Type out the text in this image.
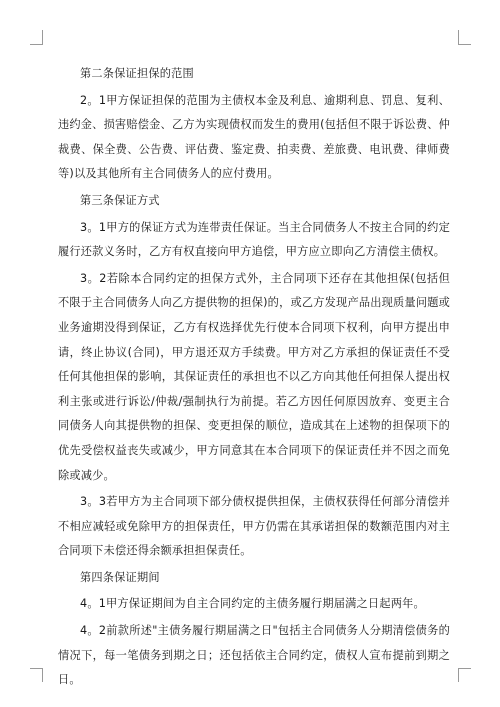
第二条保证担保的范围

2。1甲方保证担保的范围为主债权本金及利息、逾期利息、罚息、复利、违约金、损害赔偿金、乙方为实现债权而发生的费用(包括但不限于诉讼费、仲裁费、保全费、公告费、评估费、鉴定费、拍卖费、差旅费、电讯费、律师费等)以及其他所有主合同债务人的应付费用。

第三条保证方式

3。1甲方的保证方式为连带责任保证。当主合同债务人不按主合同的约定履行还款义务时，乙方有权直接向甲方追偿，甲方应立即向乙方清偿主债权。

3。2若除本合同约定的担保方式外，主合同项下还存在其他担保(包括但不限于主合同债务人向乙方提供物的担保)的，或乙方发现产品出现质量问题或业务逾期没得到保证，乙方有权选择优先行使本合同项下权利，向甲方提出申请，终止协议(合同)，甲方退还双方手续费。甲方对乙方承担的保证责任不受任何其他担保的影响，其保证责任的承担也不以乙方向其他任何担保人提出权利主张或进行诉讼/仲裁/强制执行为前提。若乙方因任何原因放弃、变更主合同债务人向其提供物的担保、变更担保的顺位，造成其在上述物的担保项下的优先受偿权益丧失或减少，甲方同意其在本合同项下的保证责任并不因之而免除或减少。

3。3若甲方为主合同项下部分债权提供担保，主债权获得任何部分清偿并不相应减轻或免除甲方的担保责任，甲方仍需在其承诺担保的数额范围内对主合同项下未偿还得余额承担担保责任。

第四条保证期间

4。1甲方保证期间为自主合同约定的主债务履行期届满之日起两年。

4。2前款所述"主债务履行期届满之日"包括主合同债务人分期清偿债务的情况下，每一笔债务到期之日；还包括依主合同约定，债权人宣布提前到期之日。
